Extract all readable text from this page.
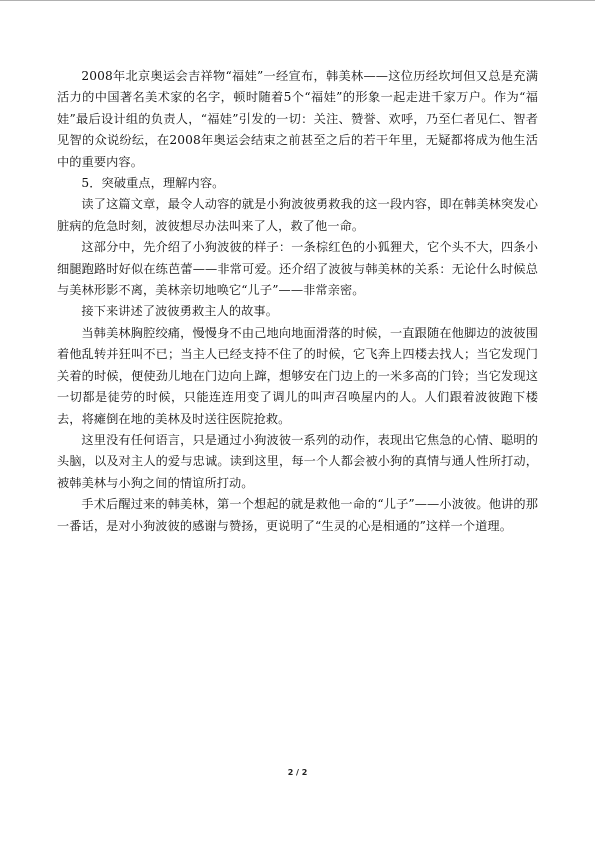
2008年北京奥运会吉祥物“福娃”一经宣布，韩美林——这位历经坎坷但又总是充满活力的中国著名美术家的名字，顿时随着5个“福娃”的形象一起走进千家万户。作为“福娃”最后设计组的负责人，“福娃”引发的一切：关注、赞誉、欢呼，乃至仁者见仁、智者见智的众说纷纭，在2008年奥运会结束之前甚至之后的若干年里，无疑都将成为他生活中的重要内容。

5．突破重点，理解内容。

读了这篇文章，最令人动容的就是小狗波彼勇救我的这一段内容，即在韩美林突发心脏病的危急时刻，波彼想尽办法叫来了人，救了他一命。

这部分中，先介绍了小狗波彼的样子：一条棕红色的小狐狸犬，它个头不大，四条小细腿跑路时好似在练芭蕾——非常可爱。还介绍了波彼与韩美林的关系：无论什么时候总与美林形影不离，美林亲切地唤它“儿子”——非常亲密。

接下来讲述了波彼勇救主人的故事。

当韩美林胸腔绞痛，慢慢身不由己地向地面滑落的时候，一直跟随在他脚边的波彼围着他乱转并狂叫不已；当主人已经支持不住了的时候，它飞奔上四楼去找人；当它发现门关着的时候，便使劲儿地在门边向上蹿，想够安在门边上的一米多高的门铃；当它发现这一切都是徒劳的时候，只能连连用变了调儿的叫声召唤屋内的人。人们跟着波彼跑下楼去，将瘫倒在地的美林及时送往医院抢救。

这里没有任何语言，只是通过小狗波彼一系列的动作，表现出它焦急的心情、聪明的头脑，以及对主人的爱与忠诚。读到这里，每一个人都会被小狗的真情与通人性所打动，被韩美林与小狗之间的情谊所打动。

手术后醒过来的韩美林，第一个想起的就是救他一命的“儿子”——小波彼。他讲的那一番话，是对小狗波彼的感谢与赞扬，更说明了“生灵的心是相通的”这样一个道理。

2 / 2
